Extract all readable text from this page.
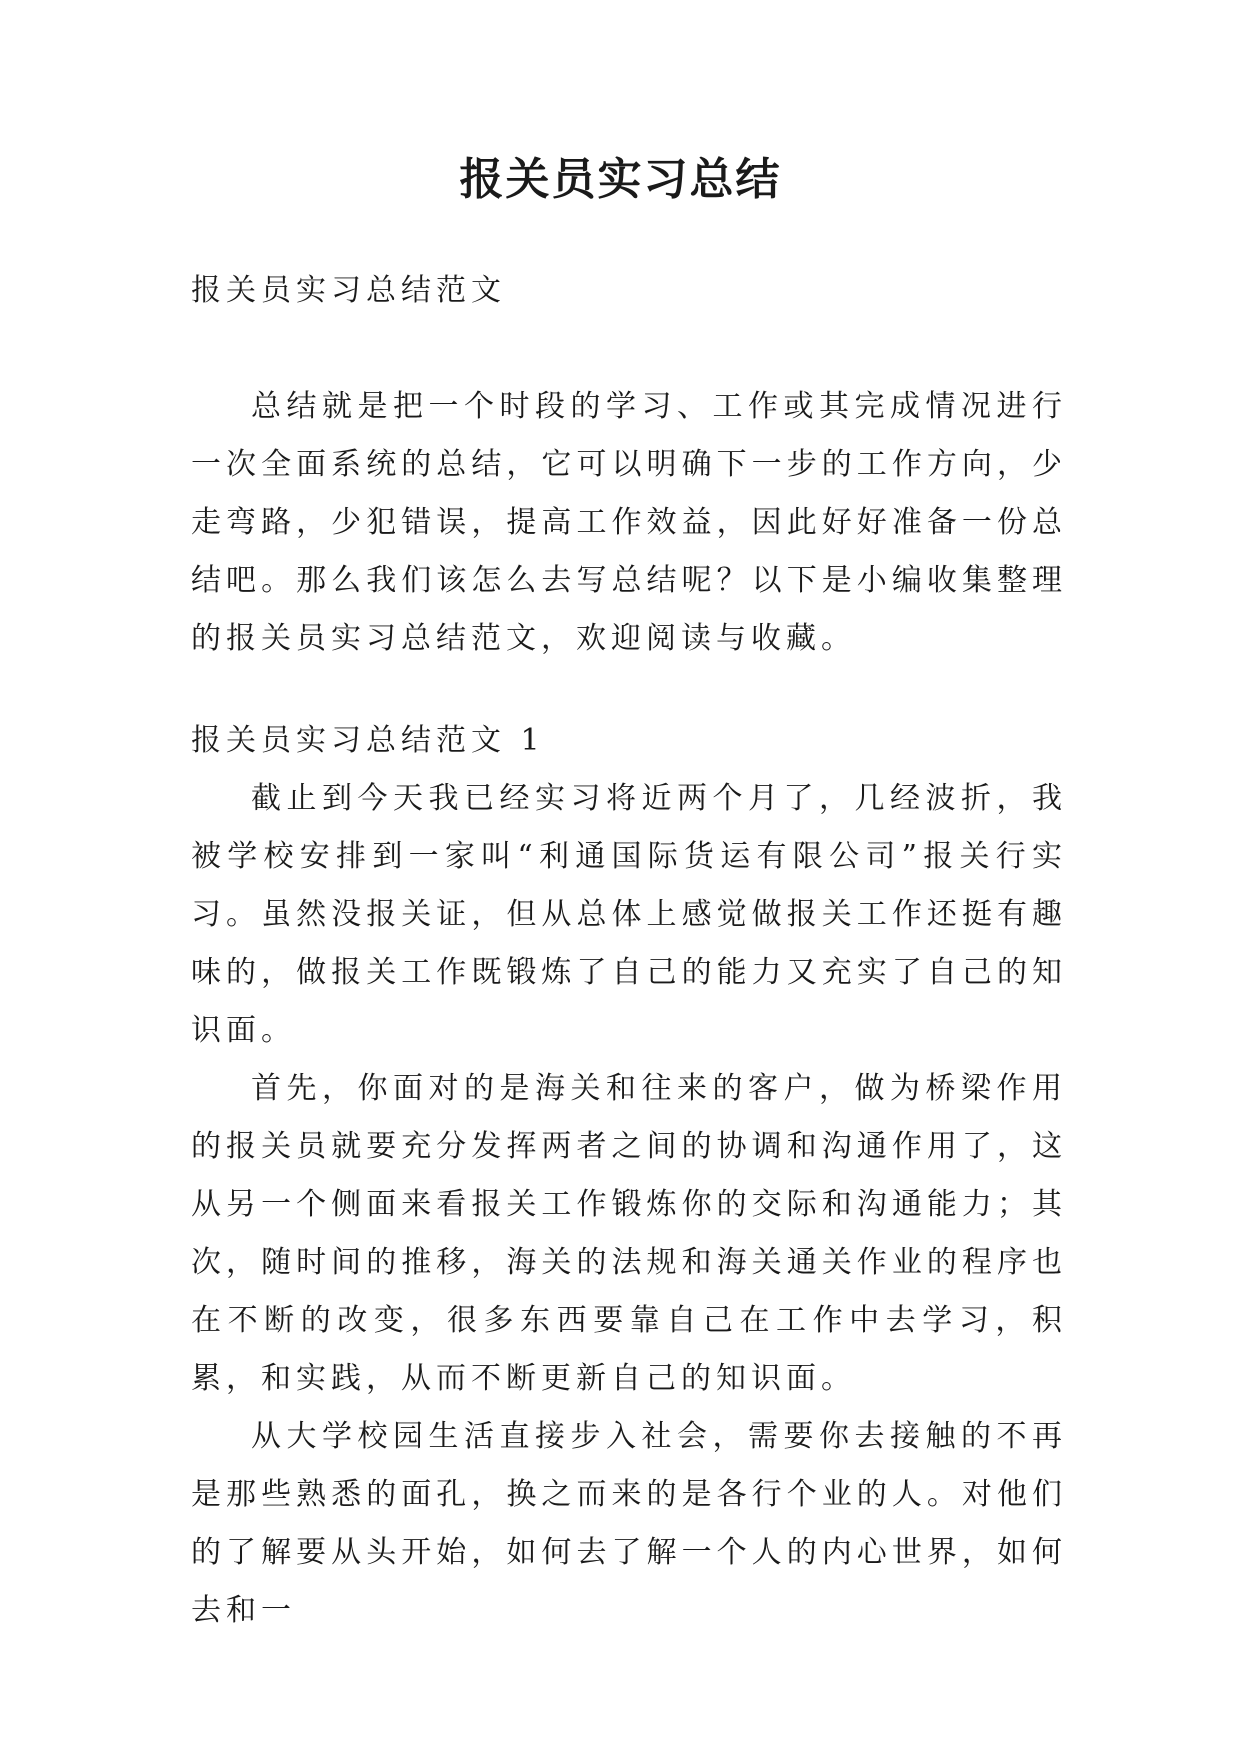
报关员实习总结

报关员实习总结范文

总结就是把一个时段的学习、工作或其完成情况进行一次全面系统的总结，它可以明确下一步的工作方向，少走弯路，少犯错误，提高工作效益，因此好好准备一份总结吧。那么我们该怎么去写总结呢？以下是小编收集整理的报关员实习总结范文，欢迎阅读与收藏。

报关员实习总结范文 1

截止到今天我已经实习将近两个月了，几经波折，我被学校安排到一家叫“利通国际货运有限公司”报关行实习。虽然没报关证，但从总体上感觉做报关工作还挺有趣味的，做报关工作既锻炼了自己的能力又充实了自己的知识面。

首先，你面对的是海关和往来的客户，做为桥梁作用的报关员就要充分发挥两者之间的协调和沟通作用了，这从另一个侧面来看报关工作锻炼你的交际和沟通能力；其次，随时间的推移，海关的法规和海关通关作业的程序也在不断的改变，很多东西要靠自己在工作中去学习，积累，和实践，从而不断更新自己的知识面。

从大学校园生活直接步入社会，需要你去接触的不再是那些熟悉的面孔，换之而来的是各行个业的人。对他们的了解要从头开始，如何去了解一个人的内心世界，如何去和一
